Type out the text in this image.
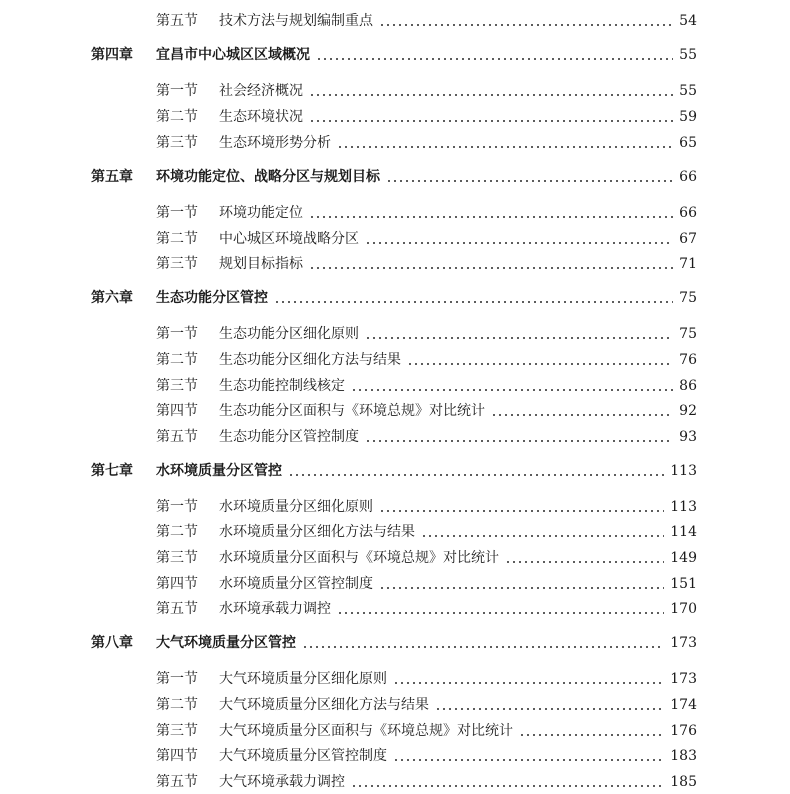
第五节 技术方法与规划编制重点	54
第四章 宜昌市中心城区区域概况	55
第一节 社会经济概况	55
第二节 生态环境状况	59
第三节 生态环境形势分析	65
第五章 环境功能定位、战略分区与规划目标	66
第一节 环境功能定位	66
第二节 中心城区环境战略分区	67
第三节 规划目标指标	71
第六章 生态功能分区管控	75
第一节 生态功能分区细化原则	75
第二节 生态功能分区细化方法与结果	76
第三节 生态功能控制线核定	86
第四节 生态功能分区面积与《环境总规》对比统计	92
第五节 生态功能分区管控制度	93
第七章 水环境质量分区管控	113
第一节 水环境质量分区细化原则	113
第二节 水环境质量分区细化方法与结果	114
第三节 水环境质量分区面积与《环境总规》对比统计	149
第四节 水环境质量分区管控制度	151
第五节 水环境承载力调控	170
第八章 大气环境质量分区管控	173
第一节 大气环境质量分区细化原则	173
第二节 大气环境质量分区细化方法与结果	174
第三节 大气环境质量分区面积与《环境总规》对比统计	176
第四节 大气环境质量分区管控制度	183
第五节 大气环境承载力调控	185
